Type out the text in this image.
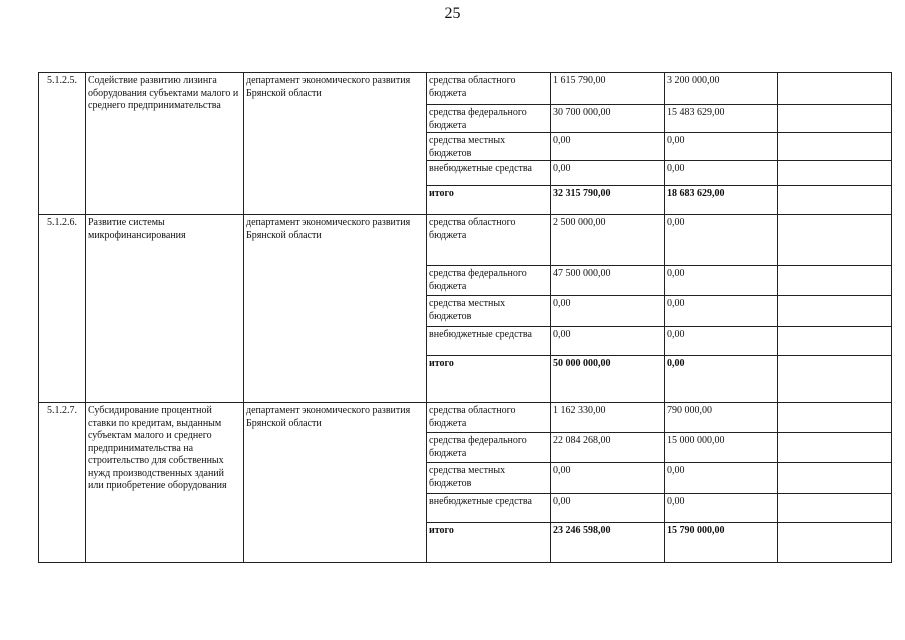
25
5.1.2.5.	Содействие развитию лизинга оборудования субъектами малого и среднего предпринимательства	департамент экономического развития Брянской области	средства областного бюджета	1 615 790,00	3 200 000,00	
			средства федерального бюджета	30 700 000,00	15 483 629,00	
			средства местных бюджетов	0,00	0,00	
			внебюджетные средства	0,00	0,00	
			итого	32 315 790,00	18 683 629,00	
5.1.2.6.	Развитие системы микрофинансирования	департамент экономического развития Брянской области	средства областного бюджета	2 500 000,00	0,00	
			средства федерального бюджета	47 500 000,00	0,00	
			средства местных бюджетов	0,00	0,00	
			внебюджетные средства	0,00	0,00	
			итого	50 000 000,00	0,00	
5.1.2.7.	Субсидирование процентной ставки по кредитам, выданным субъектам малого и среднего предпринимательства на строительство для собственных нужд производственных зданий или приобретение оборудования	департамент экономического развития Брянской области	средства областного бюджета	1 162 330,00	790 000,00	
			средства федерального бюджета	22 084 268,00	15 000 000,00	
			средства местных бюджетов	0,00	0,00	
			внебюджетные средства	0,00	0,00	
			итого	23 246 598,00	15 790 000,00	
